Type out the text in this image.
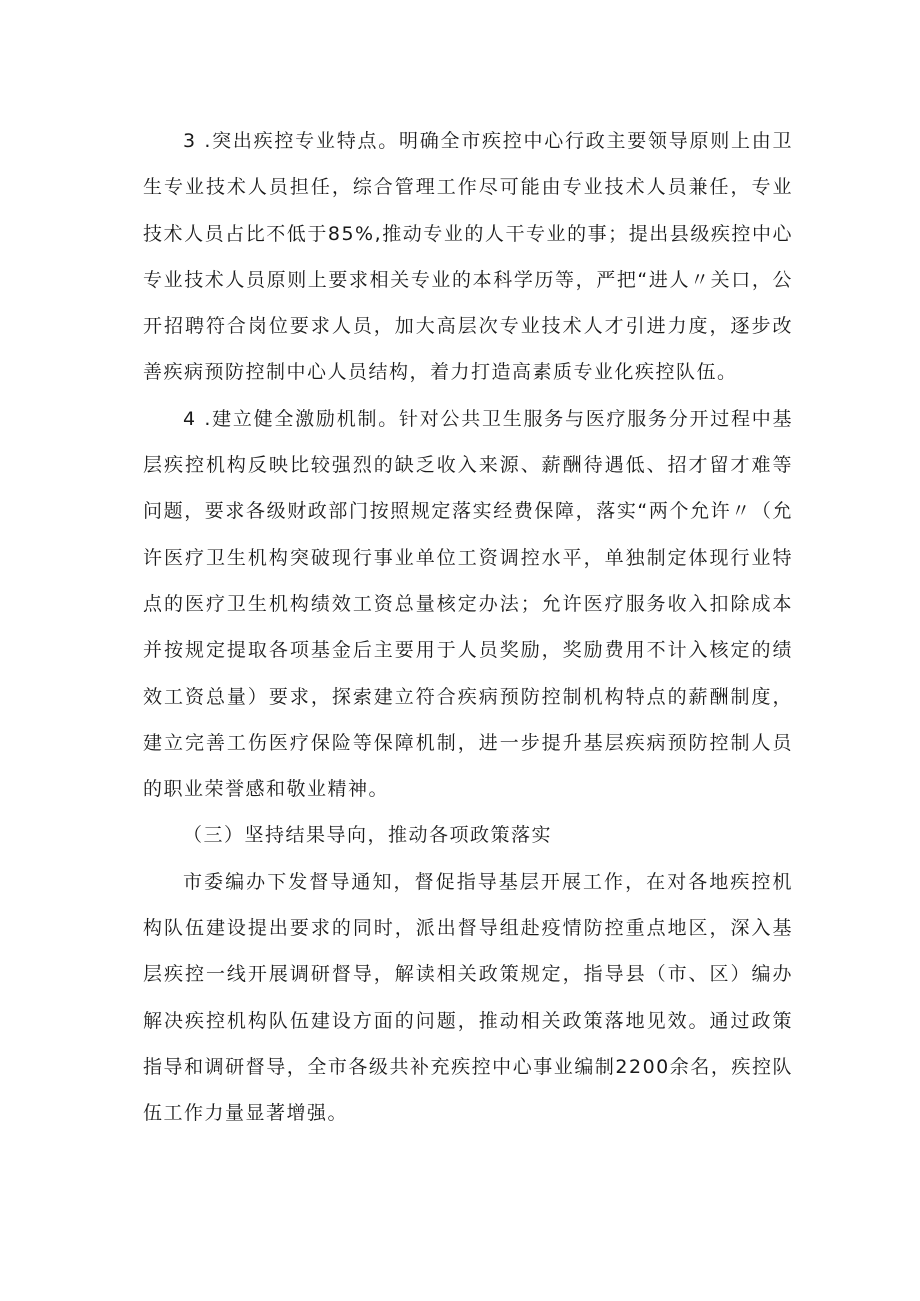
3 .突出疾控专业特点。明确全市疾控中心行政主要领导原则上由卫生专业技术人员担任，综合管理工作尽可能由专业技术人员兼任，专业技术人员占比不低于85%,推动专业的人干专业的事；提出县级疾控中心专业技术人员原则上要求相关专业的本科学历等，严把“进人〃关口，公开招聘符合岗位要求人员，加大高层次专业技术人才引进力度，逐步改善疾病预防控制中心人员结构，着力打造高素质专业化疾控队伍。

4 .建立健全激励机制。针对公共卫生服务与医疗服务分开过程中基层疾控机构反映比较强烈的缺乏收入来源、薪酬待遇低、招才留才难等问题，要求各级财政部门按照规定落实经费保障，落实“两个允许〃（允许医疗卫生机构突破现行事业单位工资调控水平，单独制定体现行业特点的医疗卫生机构绩效工资总量核定办法；允许医疗服务收入扣除成本并按规定提取各项基金后主要用于人员奖励，奖励费用不计入核定的绩效工资总量）要求，探索建立符合疾病预防控制机构特点的薪酬制度，建立完善工伤医疗保险等保障机制，进一步提升基层疾病预防控制人员的职业荣誉感和敬业精神。

（三）坚持结果导向，推动各项政策落实

市委编办下发督导通知，督促指导基层开展工作，在对各地疾控机构队伍建设提出要求的同时，派出督导组赴疫情防控重点地区，深入基层疾控一线开展调研督导，解读相关政策规定，指导县（市、区）编办解决疾控机构队伍建设方面的问题，推动相关政策落地见效。通过政策指导和调研督导，全市各级共补充疾控中心事业编制2200余名，疾控队伍工作力量显著增强。
